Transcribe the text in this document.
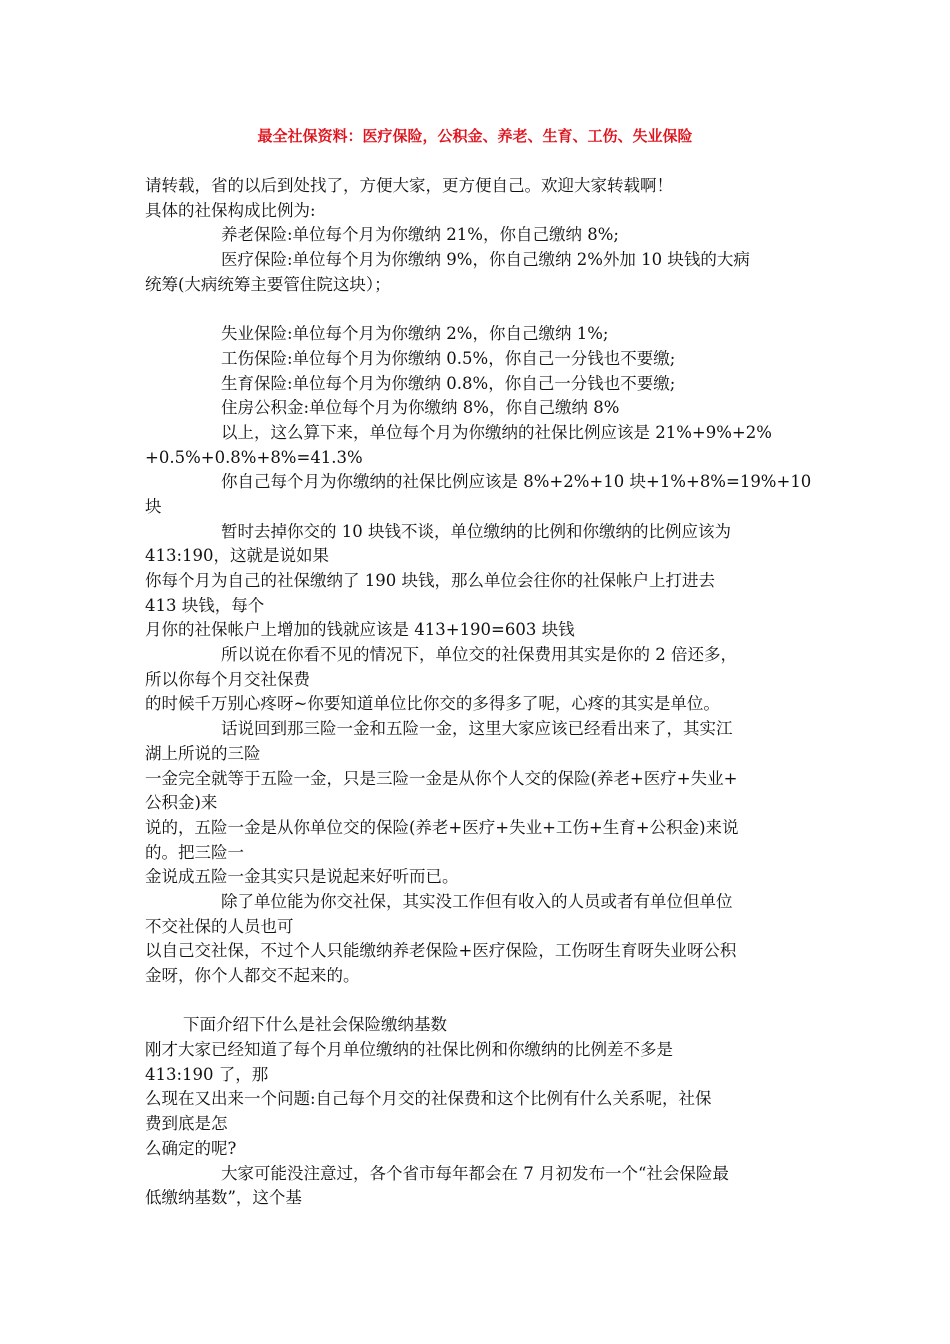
最全社保资料：医疗保险，公积金、养老、生育、工伤、失业保险
请转载，省的以后到处找了，方便大家，更方便自己。欢迎大家转载啊！
具体的社保构成比例为:
养老保险:单位每个月为你缴纳 21%，你自己缴纳 8%;
医疗保险:单位每个月为你缴纳 9%，你自己缴纳 2%外加 10 块钱的大病
统筹(大病统筹主要管住院这块）；
失业保险:单位每个月为你缴纳 2%，你自己缴纳 1%;
工伤保险:单位每个月为你缴纳 0.5%，你自己一分钱也不要缴;
生育保险:单位每个月为你缴纳 0.8%，你自己一分钱也不要缴;
住房公积金:单位每个月为你缴纳 8%，你自己缴纳 8%
以上，这么算下来，单位每个月为你缴纳的社保比例应该是 21%+9%+2%
+0.5%+0.8%+8%=41.3%
你自己每个月为你缴纳的社保比例应该是 8%+2%+10 块+1%+8%=19%+10
块
暂时去掉你交的 10 块钱不谈，单位缴纳的比例和你缴纳的比例应该为
413:190，这就是说如果
你每个月为自己的社保缴纳了 190 块钱，那么单位会往你的社保帐户上打进去
413 块钱，每个
月你的社保帐户上增加的钱就应该是 413+190=603 块钱
所以说在你看不见的情况下，单位交的社保费用其实是你的 2 倍还多，
所以你每个月交社保费
的时候千万别心疼呀~你要知道单位比你交的多得多了呢，心疼的其实是单位。
话说回到那三险一金和五险一金，这里大家应该已经看出来了，其实江
湖上所说的三险
一金完全就等于五险一金，只是三险一金是从你个人交的保险(养老+医疗+失业+
公积金)来
说的，五险一金是从你单位交的保险(养老+医疗+失业+工伤+生育+公积金)来说
的。把三险一
金说成五险一金其实只是说起来好听而已。
除了单位能为你交社保，其实没工作但有收入的人员或者有单位但单位
不交社保的人员也可
以自己交社保，不过个人只能缴纳养老保险+医疗保险，工伤呀生育呀失业呀公积
金呀，你个人都交不起来的。
下面介绍下什么是社会保险缴纳基数
刚才大家已经知道了每个月单位缴纳的社保比例和你缴纳的比例差不多是
413:190 了，那
么现在又出来一个问题:自己每个月交的社保费和这个比例有什么关系呢，社保
费到底是怎
么确定的呢?
大家可能没注意过，各个省市每年都会在 7 月初发布一个“社会保险最
低缴纳基数”，这个基
